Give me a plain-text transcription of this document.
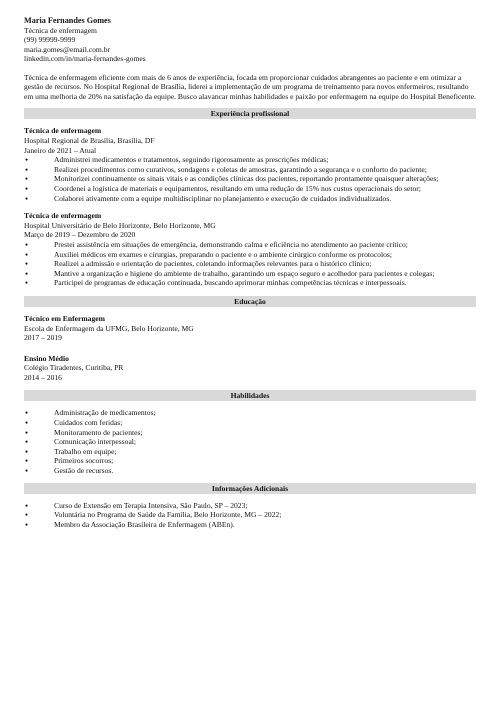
Maria Fernandes Gomes
Técnica de enfermagem
(99) 99999-9999
maria.gomes@email.com.br
linkedin.com/in/maria-fernandes-gomes
Técnica de enfermagem eficiente com mais de 6 anos de experiência, focada em proporcionar cuidados abrangentes ao paciente e em otimizar a gestão de recursos. No Hospital Regional de Brasília, liderei a implementação de um programa de treinamento para novos enfermeiros, resultando em uma melhoria de 20% na satisfação da equipe. Busco alavancar minhas habilidades e paixão por enfermagem na equipe do Hospital Beneficente.
Experiência profissional
Técnica de enfermagem
Hospital Regional de Brasília, Brasília, DF
Janeiro de 2021 – Atual
● Administrei medicamentos e tratamentos, seguindo rigorosamente as prescrições médicas;
● Realizei procedimentos como curativos, sondagens e coletas de amostras, garantindo a segurança e o conforto do paciente;
● Monitorizei continuamente os sinais vitais e as condições clínicas dos pacientes, reportando prontamente quaisquer alterações;
● Coordenei a logística de materiais e equipamentos, resultando em uma redução de 15% nos custos operacionais do setor;
● Colaborei ativamente com a equipe multidisciplinar no planejamento e execução de cuidados individualizados.
Técnica de enfermagem
Hospital Universitário de Belo Horizonte, Belo Horizonte, MG
Março de 2019 – Dezembro de 2020
● Prestei assistência em situações de emergência, demonstrando calma e eficiência no atendimento ao paciente crítico;
● Auxiliei médicos em exames e cirurgias, preparando o paciente e o ambiente cirúrgico conforme os protocolos;
● Realizei a admissão e orientação de pacientes, coletando informações relevantes para o histórico clínico;
● Mantive a organização e higiene do ambiente de trabalho, garantindo um espaço seguro e acolhedor para pacientes e colegas;
● Participei de programas de educação continuada, buscando aprimorar minhas competências técnicas e interpessoais.
Educação
Técnico em Enfermagem
Escola de Enfermagem da UFMG, Belo Horizonte, MG
2017 – 2019
Ensino Médio
Colégio Tiradentes, Curitiba, PR
2014 – 2016
Habilidades
● Administração de medicamentos;
● Cuidados com feridas;
● Monitoramento de pacientes;
● Comunicação interpessoal;
● Trabalho em equipe;
● Primeiros socorros;
● Gestão de recursos.
Informações Adicionais
● Curso de Extensão em Terapia Intensiva, São Paulo, SP – 2023;
● Voluntária no Programa de Saúde da Família, Belo Horizonte, MG – 2022;
● Membro da Associação Brasileira de Enfermagem (ABEn).
